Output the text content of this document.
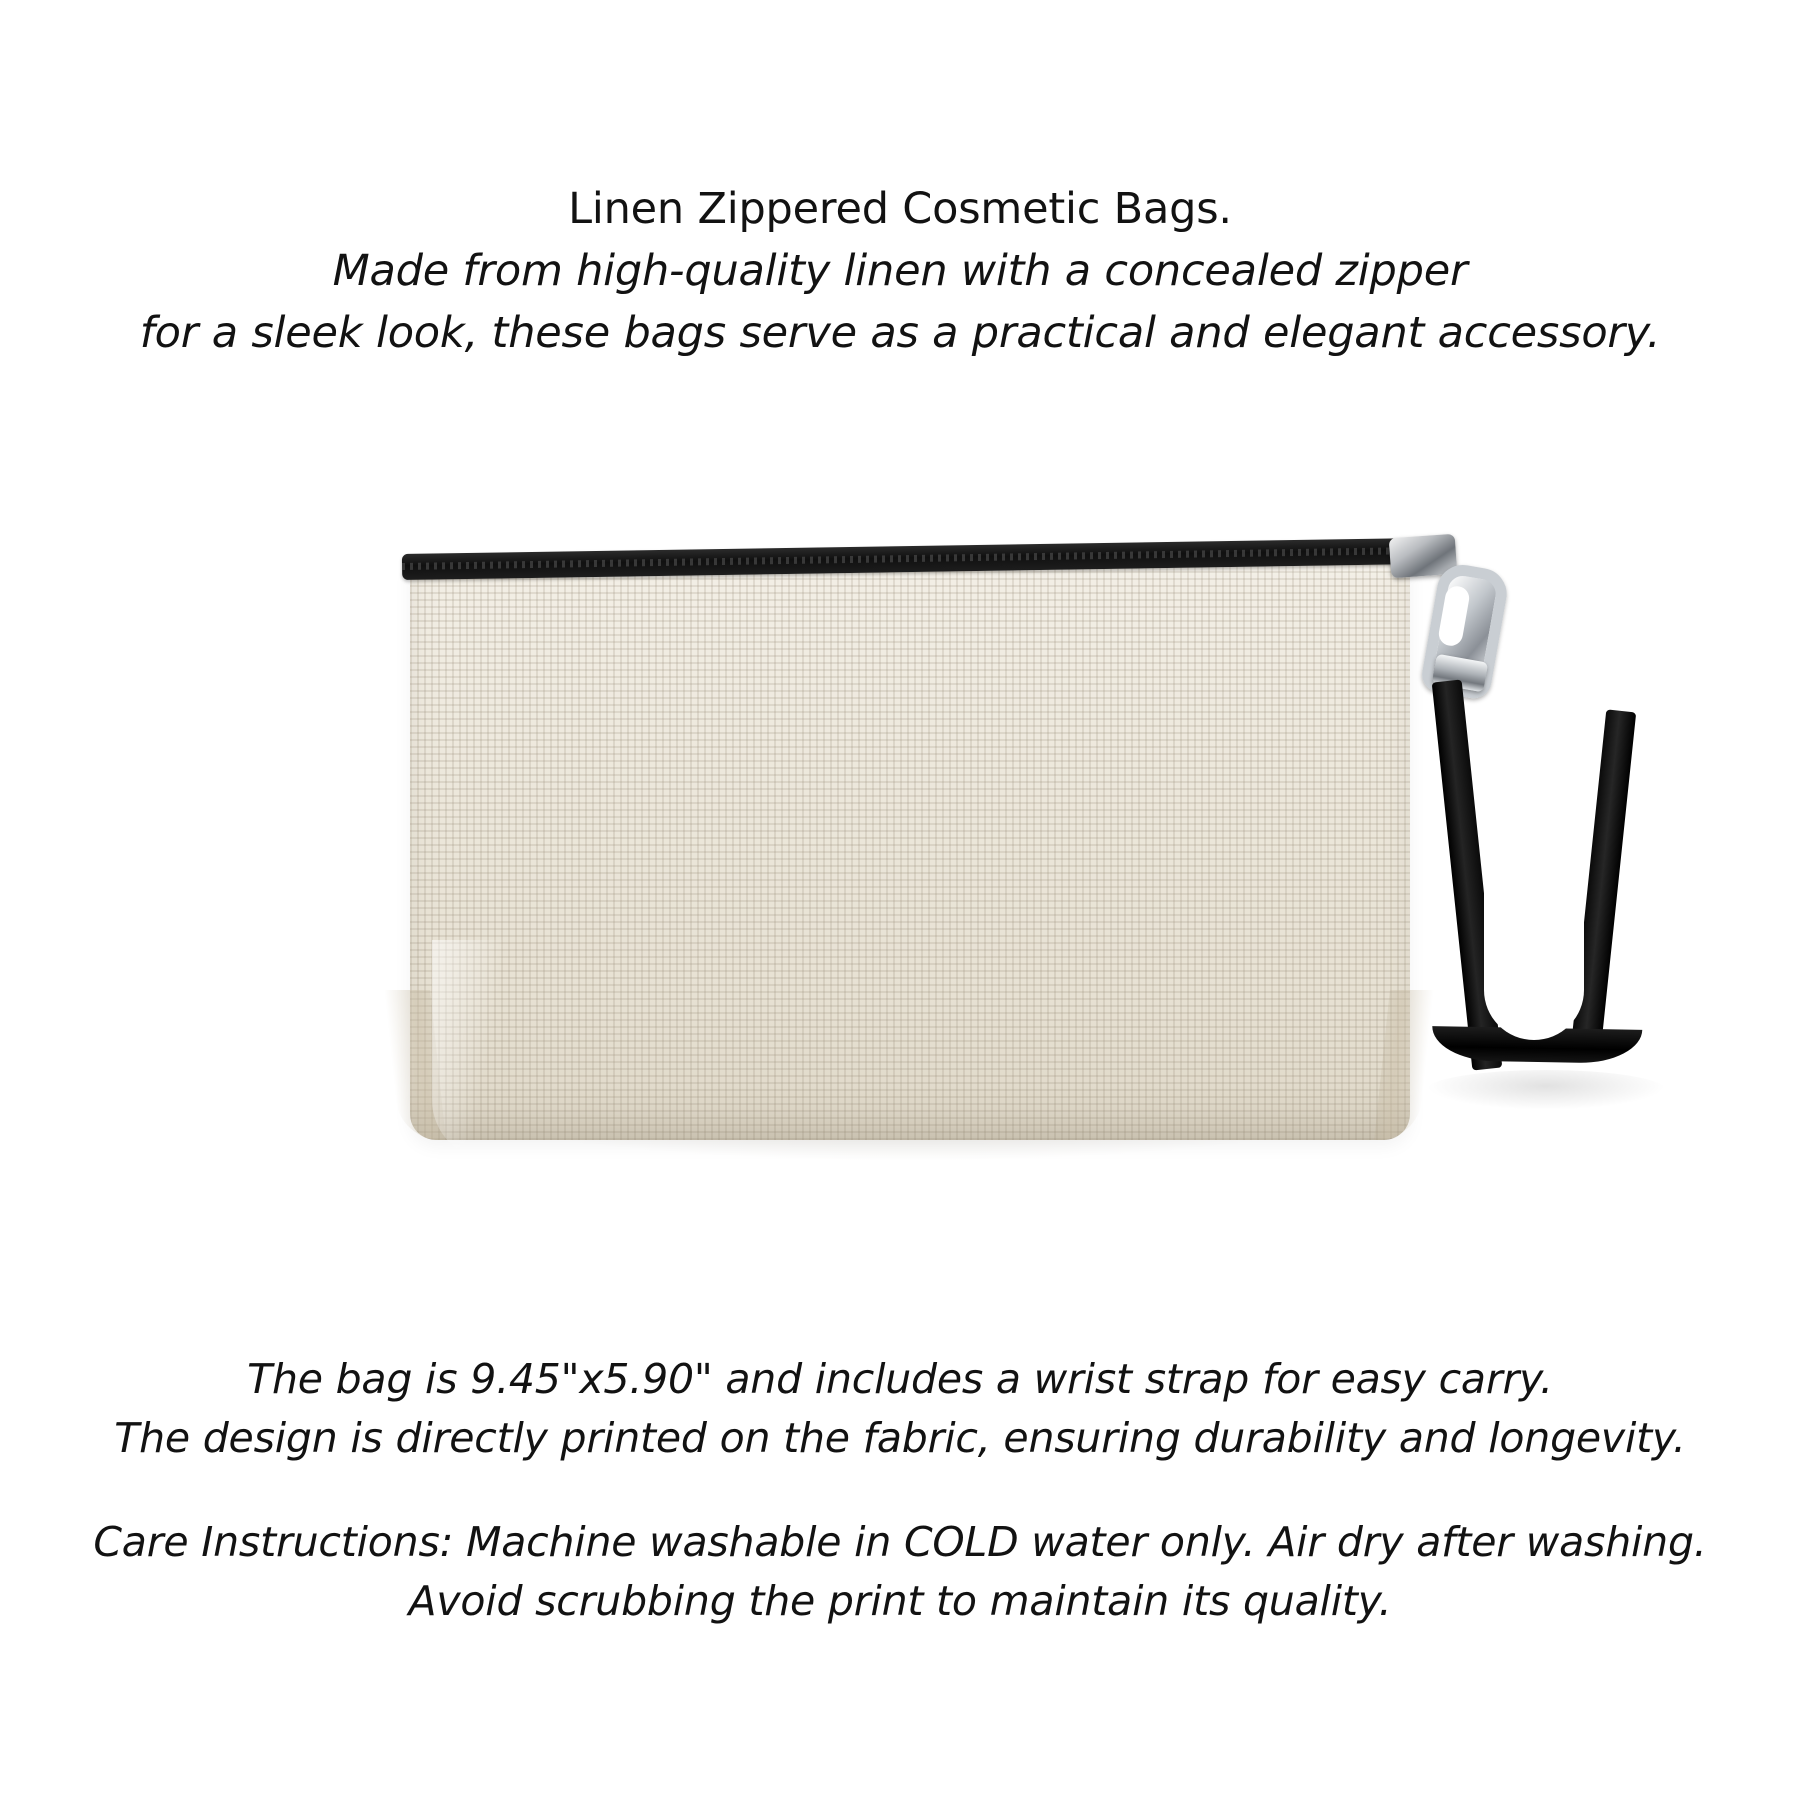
Linen Zippered Cosmetic Bags.
Made from high-quality linen with a concealed zipper
for a sleek look, these bags serve as a practical and elegant accessory.
The bag is 9.45"x5.90" and includes a wrist strap for easy carry.
The design is directly printed on the fabric, ensuring durability and longevity.
Care Instructions: Machine washable in COLD water only. Air dry after washing.
Avoid scrubbing the print to maintain its quality.
